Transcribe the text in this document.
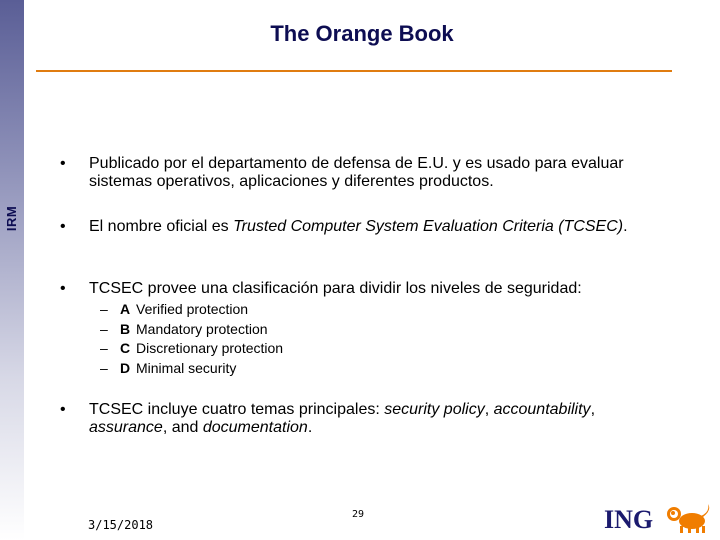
IRM
The Orange Book
• Publicado por el departamento de defensa de E.U. y es usado para evaluar sistemas operativos, aplicaciones y diferentes productos.
• El nombre oficial es Trusted Computer System Evaluation Criteria (TCSEC).
• TCSEC provee una clasificación para dividir los niveles de seguridad:
– A Verified protection
– B Mandatory protection
– C Discretionary protection
– D Minimal security
• TCSEC incluye cuatro temas principales: security policy, accountability, assurance, and documentation.
3/15/2018
29	ING
